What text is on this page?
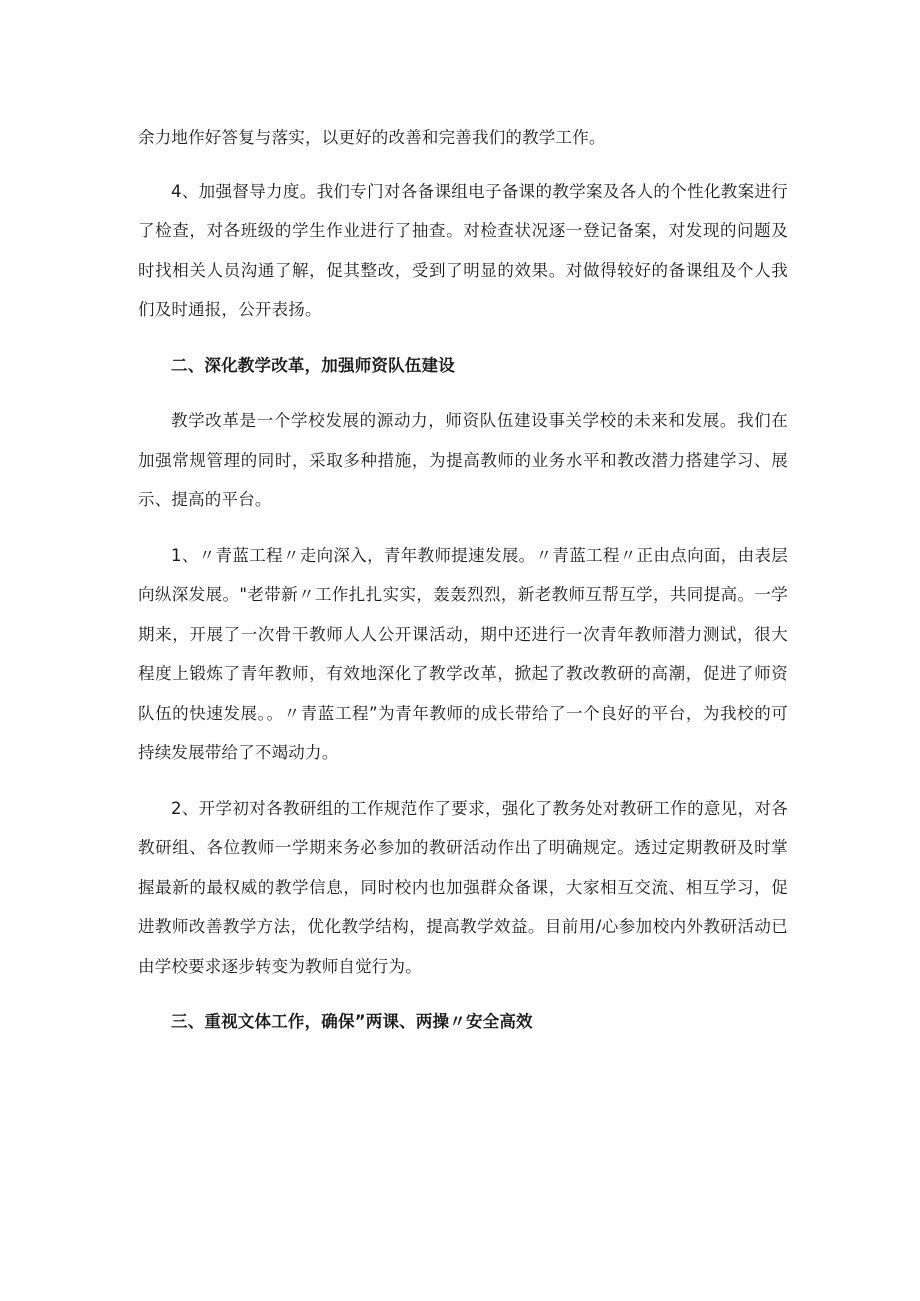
余力地作好答复与落实，以更好的改善和完善我们的教学工作。

4、加强督导力度。我们专门对各备课组电子备课的教学案及各人的个性化教案进行了检查，对各班级的学生作业进行了抽查。对检查状况逐一登记备案，对发现的问题及时找相关人员沟通了解，促其整改，受到了明显的效果。对做得较好的备课组及个人我们及时通报，公开表扬。

二、深化教学改革，加强师资队伍建设

教学改革是一个学校发展的源动力，师资队伍建设事关学校的未来和发展。我们在加强常规管理的同时，采取多种措施，为提高教师的业务水平和教改潜力搭建学习、展示、提高的平台。

1、〃青蓝工程〃走向深入，青年教师提速发展。〃青蓝工程〃正由点向面，由表层向纵深发展。"老带新〃工作扎扎实实，轰轰烈烈，新老教师互帮互学，共同提高。一学期来，开展了一次骨干教师人人公开课活动，期中还进行一次青年教师潜力测试，很大程度上锻炼了青年教师，有效地深化了教学改革，掀起了教改教研的高潮，促进了师资队伍的快速发展。。〃青蓝工程”为青年教师的成长带给了一个良好的平台，为我校的可持续发展带给了不竭动力。

2、开学初对各教研组的工作规范作了要求，强化了教务处对教研工作的意见，对各教研组、各位教师一学期来务必参加的教研活动作出了明确规定。透过定期教研及时掌握最新的最权威的教学信息，同时校内也加强群众备课，大家相互交流、相互学习，促进教师改善教学方法，优化教学结构，提高教学效益。目前用/心参加校内外教研活动已由学校要求逐步转变为教师自觉行为。

三、重视文体工作，确保”两课、两操〃安全高效
